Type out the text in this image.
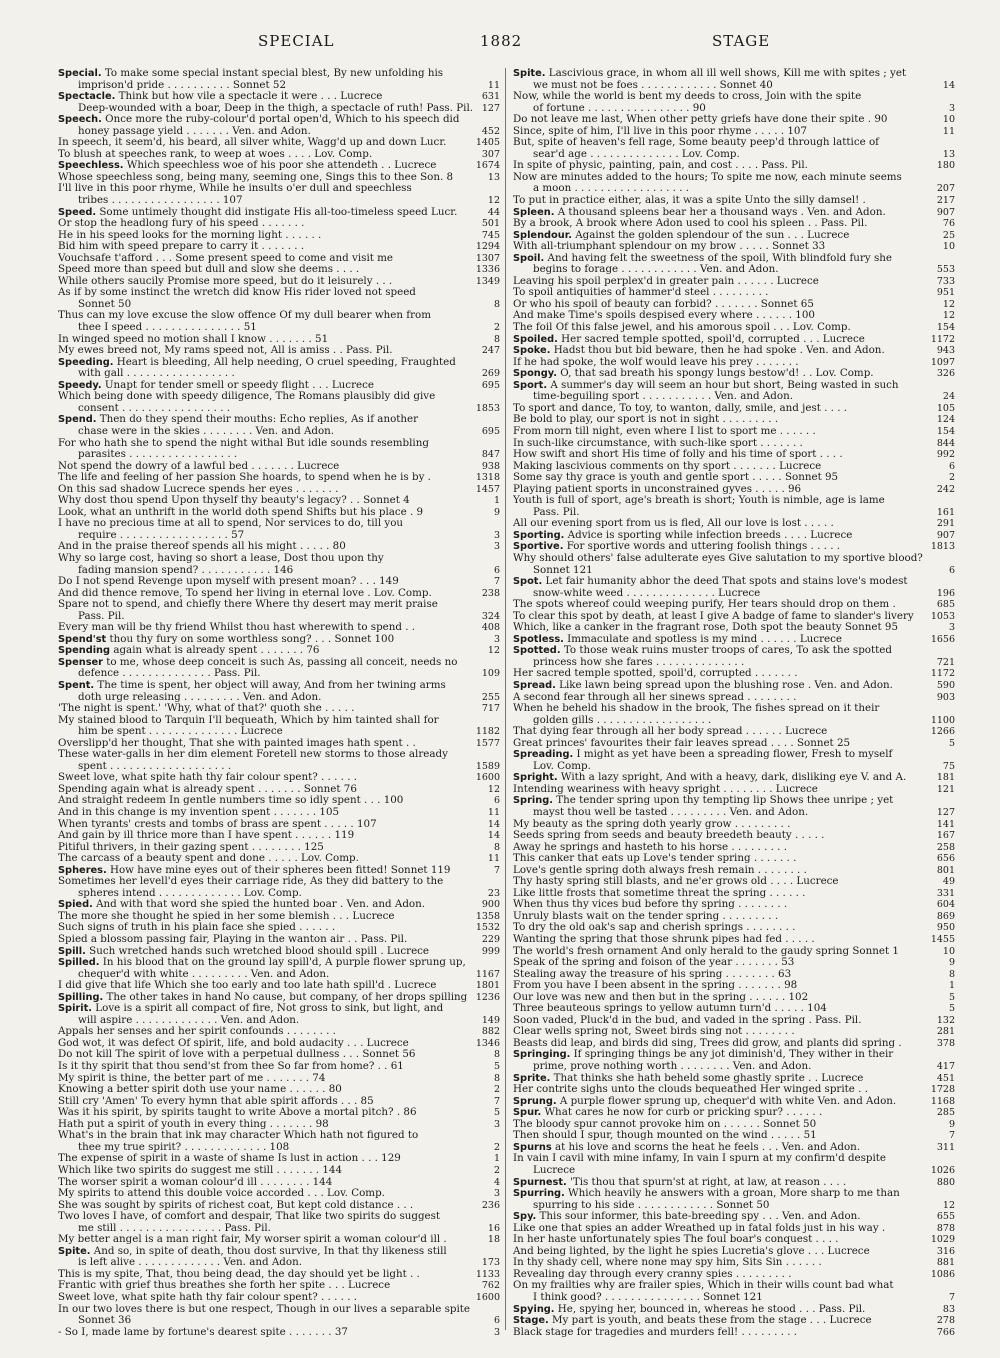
SPECIAL	1882	STAGE
Special. To make some special instant special blest, By new unfolding his
imprison'd pride . . . . . . . . . . Sonnet 52	11
Spectacle. Think but how vile a spectacle it were . . . Lucrece	631
Deep-wounded with a boar, Deep in the thigh, a spectacle of ruth! Pass. Pil. 127
Speech. Once more the ruby-colour'd portal open'd, Which to his speech did
honey passage yield . . . . . . . Ven. and Adon.	452
In speech, it seem'd, his beard, all silver white, Wagg'd up and down Lucr.	1405
To blush at speeches rank, to weep at woes . . . . Lov. Comp.	307
Speechless. Which speechless woe of his poor she attendeth . . Lucrece	1674
Whose speechless song, being many, seeming one, Sings this to thee Son. 8	13
I'll live in this poor rhyme, While he insults o'er dull and speechless
tribes . . . . . . . . . . . . . . . . . 107	12
Speed. Some untimely thought did instigate His all-too-timeless speed Lucr.	44
Or stop the headlong fury of his speed . . . . . . .	501
He in his speed looks for the morning light . . . . . .	745
Bid him with speed prepare to carry it . . . . . . .	1294
Vouchsafe t'afford . . . Some present speed to come and visit me	1307
Speed more than speed but dull and slow she deems . . . .	1336
While others saucily Promise more speed, but do it leisurely . . .	1349
As if by some instinct the wretch did know His rider loved not speed
Sonnet 50	8
Thus can my love excuse the slow offence Of my dull bearer when from
thee I speed . . . . . . . . . . . . . . . 51	2
In winged speed no motion shall I know . . . . . . . 51	8
My ewes breed not, My rams speed not, All is amiss . . Pass. Pil.	247
Speeding. Heart is bleeding, All help needing, O cruel speeding, Fraughted
with gall . . . . . . . . . . . . . . . . .	269
Speedy. Unapt for tender smell or speedy flight . . . Lucrece	695
Which being done with speedy diligence, The Romans plausibly did give
consent . . . . . . . . . . . . . . . . .	1853
Spend. Then do they spend their mouths: Echo replies, As if another
chase were in the skies . . . . . . . . Ven. and Adon.	695
For who hath she to spend the night withal But idle sounds resembling
parasites . . . . . . . . . . . . . . . . .	847
Not spend the dowry of a lawful bed . . . . . . . Lucrece	938
The life and feeling of her passion She hoards, to spend when he is by .	1318
On this sad shadow Lucrece spends her eyes . . . . . . .	1457
Why dost thou spend Upon thyself thy beauty's legacy? . . Sonnet 4	1
Look, what an unthrift in the world doth spend Shifts but his place . 9	9
I have no precious time at all to spend, Nor services to do, till you
require . . . . . . . . . . . . . . . . . 57	3
And in the praise thereof spends all his might . . . . . 80	3
Why so large cost, having so short a lease, Dost thou upon thy
fading mansion spend? . . . . . . . . . . . 146	6
Do I not spend Revenge upon myself with present moan? . . . 149	7
And did thence remove, To spend her living in eternal love . Lov. Comp.	238
Spare not to spend, and chiefly there Where thy desert may merit praise
Pass. Pil.	324
Every man will be thy friend Whilst thou hast wherewith to spend . .	408
Spend'st thou thy fury on some worthless song? . . . Sonnet 100	3
Spending again what is already spent . . . . . . . 76	12
Spenser to me, whose deep conceit is such As, passing all conceit, needs no
defence . . . . . . . . . . . . . . Pass. Pil.	109
Spent. The time is spent, her object will away, And from her twining arms
doth urge releasing . . . . . . . . . Ven. and Adon.	255
'The night is spent.' 'Why, what of that?' quoth she . . . . .	717
My stained blood to Tarquin I'll bequeath, Which by him tainted shall for
him be spent . . . . . . . . . . . . . . Lucrece	1182
Overslipp'd her thought, That she with painted images hath spent . .	1577
These water-galls in her dim element Foretell new storms to those already
spent . . . . . . . . . . . . . . . . . . .	1589
Sweet love, what spite hath thy fair colour spent? . . . . . .	1600
Spending again what is already spent . . . . . . . Sonnet 76	12
And straight redeem In gentle numbers time so idly spent . . . 100	6
And in this change is my invention spent . . . . . . . 105	11
When tyrants' crests and tombs of brass are spent . . . . . 107	14
And gain by ill thrice more than I have spent . . . . . . 119	14
Pitiful thrivers, in their gazing spent . . . . . . . . 125	8
The carcass of a beauty spent and done . . . . . Lov. Comp.	11
Spheres. How have mine eyes out of their spheres been fitted! Sonnet 119	7
Sometimes her levell'd eyes their carriage ride, As they did battery to the
spheres intend . . . . . . . . . . . . . Lov. Comp.	23
Spied. And with that word she spied the hunted boar . Ven. and Adon.	900
The more she thought he spied in her some blemish . . . Lucrece	1358
Such signs of truth in his plain face she spied . . . . . .	1532
Spied a blossom passing fair, Playing in the wanton air . . Pass. Pil.	229
Spill. Such wretched hands such wretched blood should spill . Lucrece	999
Spilled. In his blood that on the ground lay spill'd, A purple flower sprung up,
chequer'd with white . . . . . . . . . Ven. and Adon.	1167
I did give that life Which she too early and too late hath spill'd . Lucrece	1801
Spilling. The other takes in hand No cause, but company, of her drops spilling 1236
Spirit. Love is a spirit all compact of fire, Not gross to sink, but light, and
will aspire . . . . . . . . . . . . . Ven. and Adon.	149
Appals her senses and her spirit confounds . . . . . . . .	882
God wot, it was defect Of spirit, life, and bold audacity . . . Lucrece	1346
Do not kill The spirit of love with a perpetual dullness . . . Sonnet 56	8
Is it thy spirit that thou send'st from thee So far from home? . . 61	5
My spirit is thine, the better part of me . . . . . . . 74	8
Knowing a better spirit doth use your name . . . . . . 80	2
Still cry 'Amen' To every hymn that able spirit affords . . . 85	7
Was it his spirit, by spirits taught to write Above a mortal pitch? . 86	5
Hath put a spirit of youth in every thing . . . . . . . 98	3
What's in the brain that ink may character Which hath not figured to
thee my true spirit? . . . . . . . . . . . . . 108	2
The expense of spirit in a waste of shame Is lust in action . . . 129	1
Which like two spirits do suggest me still . . . . . . . 144	2
The worser spirit a woman colour'd ill . . . . . . . . 144	4
My spirits to attend this double voice accorded . . . Lov. Comp.	3
She was sought by spirits of richest coat, But kept cold distance . . .	236
Two loves I have, of comfort and despair, That like two spirits do suggest
me still . . . . . . . . . . . . . . . . Pass. Pil.	16
My better angel is a man right fair, My worser spirit a woman colour'd ill .	18
Spite. And so, in spite of death, thou dost survive, In that thy likeness still
is left alive . . . . . . . . . . . . . Ven. and Adon.	173
This is my spite, That, thou being dead, the day should yet be light . .	1133
Frantic with grief thus breathes she forth her spite . . . Lucrece	762
Sweet love, what spite hath thy fair colour spent? . . . . . .	1600
In our two loves there is but one respect, Though in our lives a separable spite
Sonnet 36	6
- So I, made lame by fortune's dearest spite . . . . . . . 37	3
Spite. Lascivious grace, in whom all ill well shows, Kill me with spites ; yet
we must not be foes . . . . . . . . . . . . Sonnet 40	14
Now, while the world is bent my deeds to cross, Join with the spite
of fortune . . . . . . . . . . . . . . . . 90	3
Do not leave me last, When other petty griefs have done their spite . 90	10
Since, spite of him, I'll live in this poor rhyme . . . . . 107	11
But, spite of heaven's fell rage, Some beauty peep'd through lattice of
sear'd age . . . . . . . . . . . . . . Lov. Comp.	13
In spite of physic, painting, pain, and cost . . . . Pass. Pil.	180
Now are minutes added to the hours; To spite me now, each minute seems
a moon . . . . . . . . . . . . . . . . . .	207
To put in practice either, alas, it was a spite Unto the silly damsel! .	217
Spleen. A thousand spleens bear her a thousand ways . Ven. and Adon.	907
By a brook, A brook where Adon used to cool his spleen . . Pass. Pil.	76
Splendour. Against the golden splendour of the sun . . . Lucrece	25
With all-triumphant splendour on my brow . . . . . Sonnet 33	10
Spoil. And having felt the sweetness of the spoil, With blindfold fury she
begins to forage . . . . . . . . . . . . Ven. and Adon.	553
Leaving his spoil perplex'd in greater pain . . . . . . Lucrece	733
To spoil antiquities of hammer'd steel . . . . . . . . .	951
Or who his spoil of beauty can forbid? . . . . . . . Sonnet 65	12
And make Time's spoils despised every where . . . . . . 100	12
The foil Of this false jewel, and his amorous spoil . . . Lov. Comp.	154
Spoiled. Her sacred temple spotted, spoil'd, corrupted . . . Lucrece	1172
Spoke. Hadst thou but bid beware, then he had spoke . Ven. and Adon.	943
If he had spoke, the wolf would leave his prey . . . . . . .	1097
Spongy. O, that sad breath his spongy lungs bestow'd! . . Lov. Comp.	326
Sport. A summer's day will seem an hour but short, Being wasted in such
time-beguiling sport . . . . . . . . . . . Ven. and Adon.	24
To sport and dance, To toy, to wanton, dally, smile, and jest . . . .	105
Be bold to play, our sport is not in sight . . . . . . . . .	124
From morn till night, even where I list to sport me . . . . . .	154
In such-like circumstance, with such-like sport . . . . . . .	844
How swift and short His time of folly and his time of sport . . . .	992
Making lascivious comments on thy sport . . . . . . . Lucrece	6
Some say thy grace is youth and gentle sport . . . . . Sonnet 95	2
Playing patient sports in unconstrained gyves . . . . . 96	242
Youth is full of sport, age's breath is short; Youth is nimble, age is lame
Pass. Pil.	161
All our evening sport from us is fled, All our love is lost . . . . .	291
Sporting. Advice is sporting while infection breeds . . . . Lucrece	907
Sportive. For sportive words and uttering foolish things . . . . .	1813
Why should others' false adulterate eyes Give salutation to my sportive blood?
Sonnet 121	6
Spot. Let fair humanity abhor the deed That spots and stains love's modest
snow-white weed . . . . . . . . . . . . . . Lucrece	196
The spots whereof could weeping purify, Her tears should drop on them .	685
To clear this spot by death, at least I give A badge of fame to slander's livery 1053
Which, like a canker in the fragrant rose, Doth spot the beauty Sonnet 95	3
Spotless. Immaculate and spotless is my mind . . . . . . Lucrece	1656
Spotted. To those weak ruins muster troops of cares, To ask the spotted
princess how she fares . . . . . . . . . . . . . .	721
Her sacred temple spotted, spoil'd, corrupted . . . . . . .	1172
Spread. Like lawn being spread upon the blushing rose . Ven. and Adon.	590
A second fear through all her sinews spread . . . . . . . .	903
When he beheld his shadow in the brook, The fishes spread on it their
golden gills . . . . . . . . . . . . . . . . . .	1100
That dying fear through all her body spread . . . . . . Lucrece	1266
Great princes' favourites their fair leaves spread . . . . Sonnet 25	5
Spreading. I might as yet have been a spreading flower, Fresh to myself
Lov. Comp.	75
Spright. With a lazy spright, And with a heavy, dark, disliking eye V. and A.	181
Intending weariness with heavy spright . . . . . . . . Lucrece	121
Spring. The tender spring upon thy tempting lip Shows thee unripe ; yet
mayst thou well be tasted . . . . . . . . . Ven. and Adon.	127
My beauty as the spring doth yearly grow . . . . . . . . .	141
Seeds spring from seeds and beauty breedeth beauty . . . . .	167
Away he springs and hasteth to his horse . . . . . . . . .	258
This canker that eats up Love's tender spring . . . . . . .	656
Love's gentle spring doth always fresh remain . . . . . . . .	801
Thy hasty spring still blasts, and ne'er grows old . . . . Lucrece	49
Like little frosts that sometime threat the spring . . . . . .	331
When thus thy vices bud before thy spring . . . . . . . .	604
Unruly blasts wait on the tender spring . . . . . . . . .	869
To dry the old oak's sap and cherish springs . . . . . . . .	950
Wanting the spring that those shrunk pipes had fed . . . . .	1455
The world's fresh ornament And only herald to the gaudy spring Sonnet 1	10
Speak of the spring and foison of the year . . . . . . . 53	9
Stealing away the treasure of his spring . . . . . . . . 63	8
From you have I been absent in the spring . . . . . . . 98	1
Our love was new and then but in the spring . . . . . . 102	5
Three beauteous springs to yellow autumn turn'd . . . . . 104	5
Soon vaded, Pluck'd in the bud, and vaded in the spring . Pass. Pil.	132
Clear wells spring not, Sweet birds sing not . . . . . . . .	281
Beasts did leap, and birds did sing, Trees did grow, and plants did spring .	378
Springing. If springing things be any jot diminish'd, They wither in their
prime, prove nothing worth . . . . . . . . Ven. and Adon.	417
Sprite. That thinks she hath beheld some ghastly sprite . . Lucrece	451
Her contrite sighs unto the clouds bequeathed Her winged sprite . .	1728
Sprung. A purple flower sprung up, chequer'd with white Ven. and Adon.	1168
Spur. What cares he now for curb or pricking spur? . . . . . .	285
The bloody spur cannot provoke him on . . . . . . Sonnet 50	9
Then should I spur, though mounted on the wind . . . . . 51	7
Spurns at his love and scorns the heat he feels . . . Ven. and Adon.	311
In vain I cavil with mine infamy, In vain I spurn at my confirm'd despite
Lucrece	1026
Spurnest. 'Tis thou that spurn'st at right, at law, at reason . . . .	880
Spurring. Which heavily he answers with a groan, More sharp to me than
spurring to his side . . . . . . . . . . . . Sonnet 50	12
Spy. This sour informer, this bate-breeding spy . . . Ven. and Adon.	655
Like one that spies an adder Wreathed up in fatal folds just in his way .	878
In her haste unfortunately spies The foul boar's conquest . . . .	1029
And being lighted, by the light he spies Lucretia's glove . . . Lucrece	316
In thy shady cell, where none may spy him, Sits Sin . . . . . .	881
Revealing day through every cranny spies . . . . . . . . .	1086
On my frailties why are frailer spies, Which in their wills count bad what
I think good? . . . . . . . . . . . . . . . Sonnet 121	7
Spying. He, spying her, bounced in, whereas he stood . . . Pass. Pil.	83
Stage. My part is youth, and beats these from the stage . . . Lucrece	278
Black stage for tragedies and murders fell! . . . . . . . . .	766
